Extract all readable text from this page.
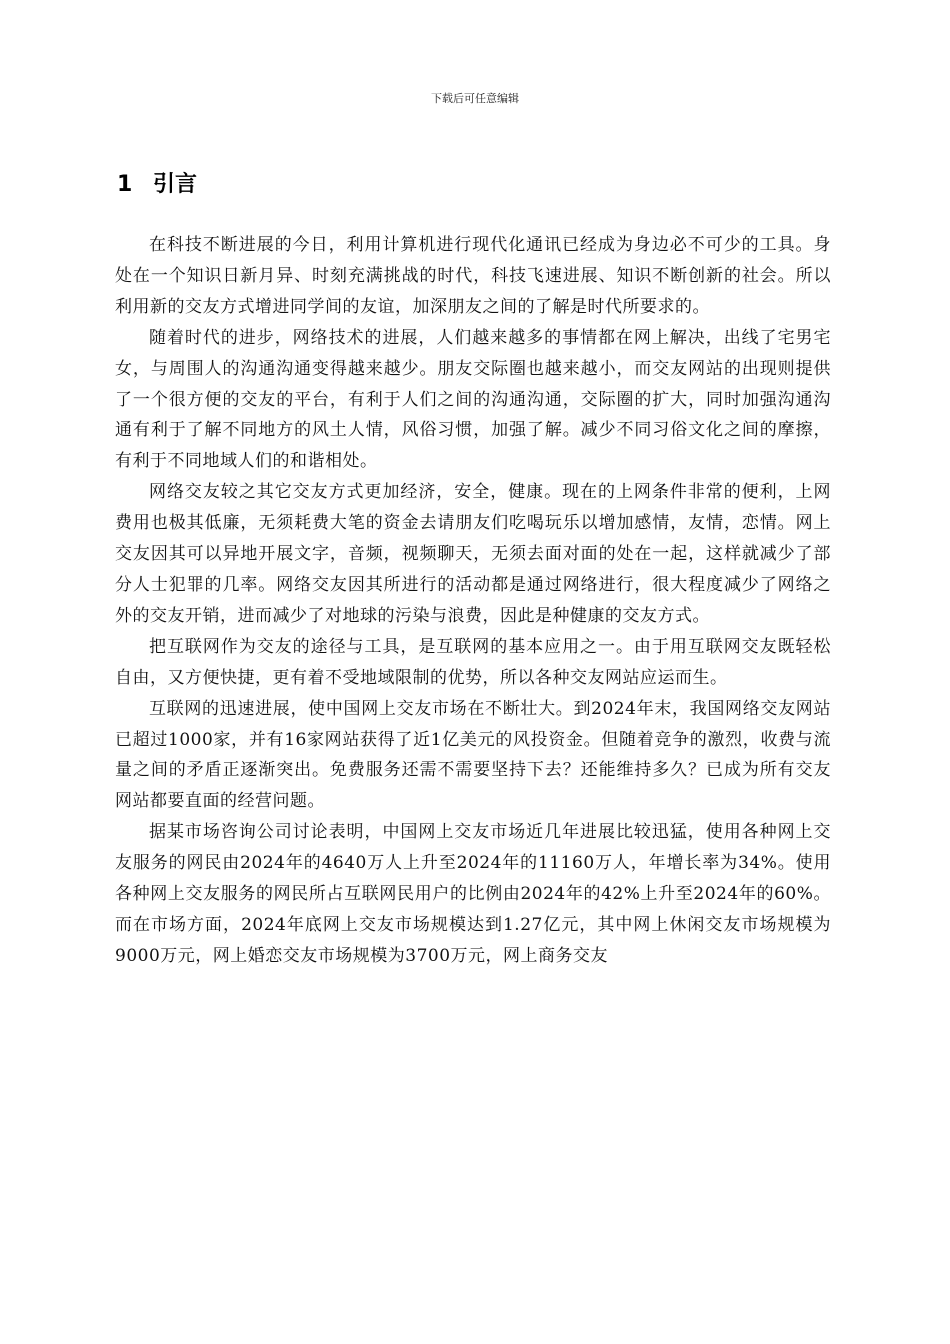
下载后可任意编辑
1 引言

在科技不断进展的今日，利用计算机进行现代化通讯已经成为身边必不可少的工具。身处在一个知识日新月异、时刻充满挑战的时代，科技飞速进展、知识不断创新的社会。所以利用新的交友方式增进同学间的友谊，加深朋友之间的了解是时代所要求的。

随着时代的进步，网络技术的进展，人们越来越多的事情都在网上解决，出线了宅男宅女，与周围人的沟通沟通变得越来越少。朋友交际圈也越来越小，而交友网站的出现则提供了一个很方便的交友的平台，有利于人们之间的沟通沟通，交际圈的扩大，同时加强沟通沟通有利于了解不同地方的风土人情，风俗习惯，加强了解。减少不同习俗文化之间的摩擦，有利于不同地域人们的和谐相处。

网络交友较之其它交友方式更加经济，安全，健康。现在的上网条件非常的便利，上网费用也极其低廉，无须耗费大笔的资金去请朋友们吃喝玩乐以增加感情，友情，恋情。网上交友因其可以异地开展文字，音频，视频聊天，无须去面对面的处在一起，这样就减少了部分人士犯罪的几率。网络交友因其所进行的活动都是通过网络进行，很大程度减少了网络之外的交友开销，进而减少了对地球的污染与浪费，因此是种健康的交友方式。

把互联网作为交友的途径与工具，是互联网的基本应用之一。由于用互联网交友既轻松自由，又方便快捷，更有着不受地域限制的优势，所以各种交友网站应运而生。

互联网的迅速进展，使中国网上交友市场在不断壮大。到2024年末，我国网络交友网站已超过1000家，并有16家网站获得了近1亿美元的风投资金。但随着竞争的激烈，收费与流量之间的矛盾正逐渐突出。免费服务还需不需要坚持下去？还能维持多久？已成为所有交友网站都要直面的经营问题。

据某市场咨询公司讨论表明，中国网上交友市场近几年进展比较迅猛，使用各种网上交友服务的网民由2024年的4640万人上升至2024年的11160万人，年增长率为34%。使用各种网上交友服务的网民所占互联网民用户的比例由2024年的42%上升至2024年的60%。而在市场方面，2024年底网上交友市场规模达到1.27亿元，其中网上休闲交友市场规模为9000万元，网上婚恋交友市场规模为3700万元，网上商务交友
